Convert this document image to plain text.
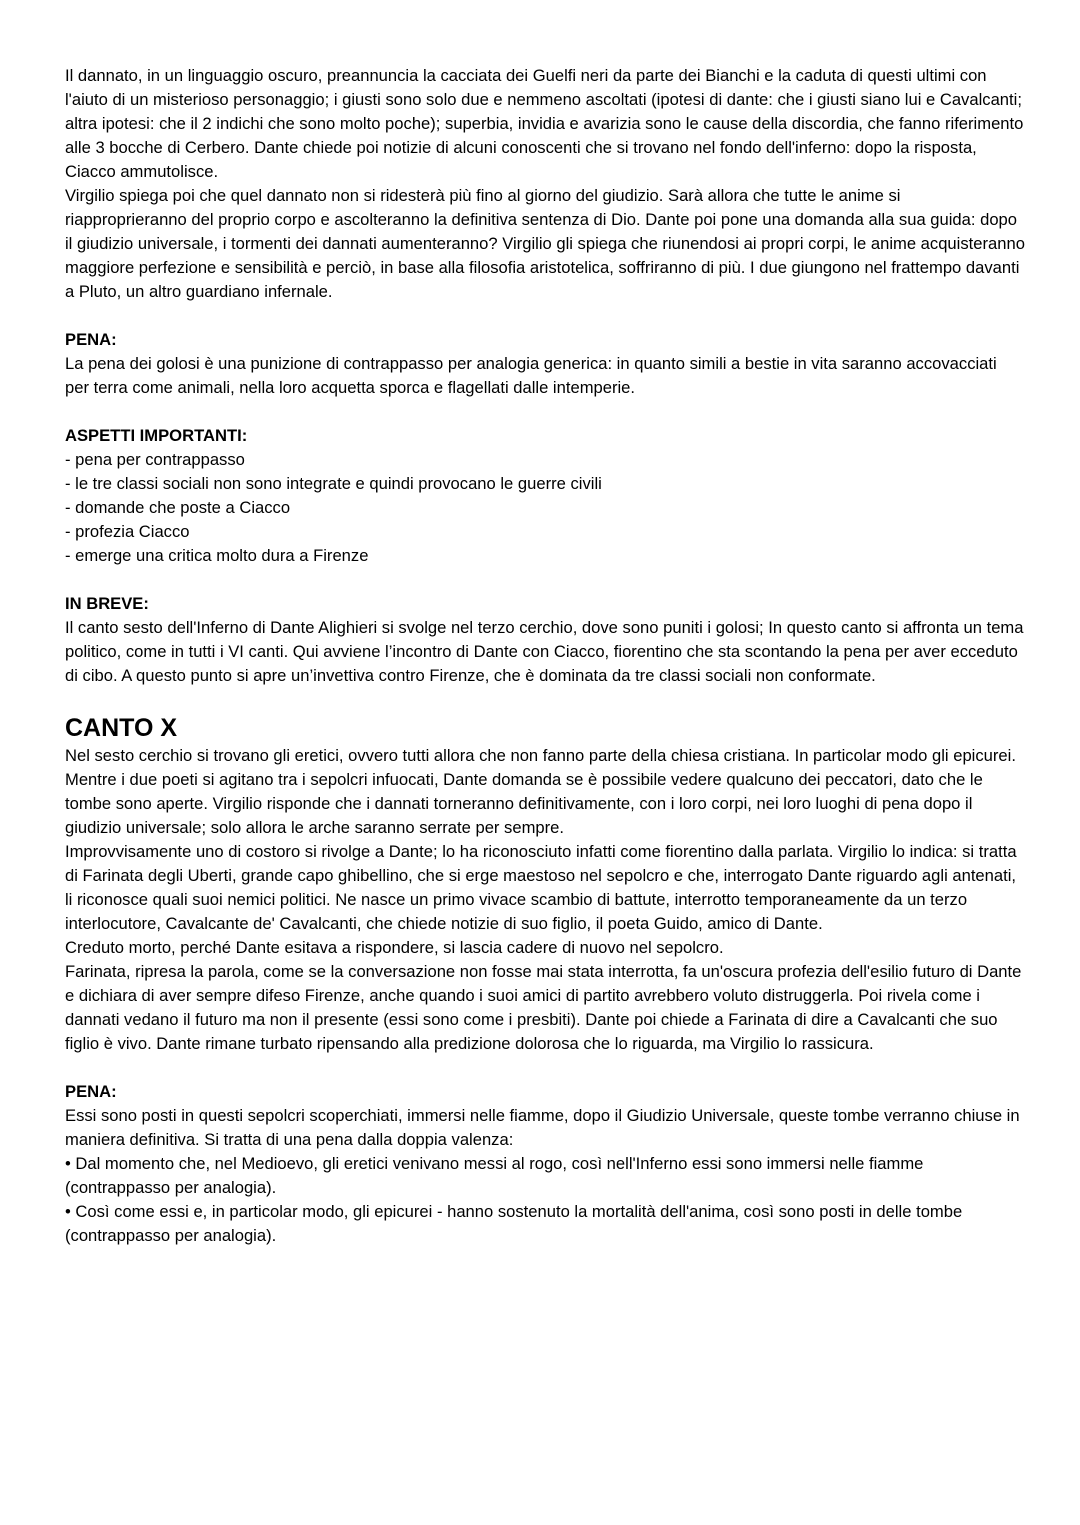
Il dannato, in un linguaggio oscuro, preannuncia la cacciata dei Guelfi neri da parte dei Bianchi e la caduta di questi ultimi con l'aiuto di un misterioso personaggio; i giusti sono solo due e nemmeno ascoltati (ipotesi di dante: che i giusti siano lui e Cavalcanti; altra ipotesi: che il 2 indichi che sono molto poche); superbia, invidia e avarizia sono le cause della discordia, che fanno riferimento alle 3 bocche di Cerbero. Dante chiede poi notizie di alcuni conoscenti che si trovano nel fondo dell'inferno: dopo la risposta, Ciacco ammutolisce.

Virgilio spiega poi che quel dannato non si ridesterà più fino al giorno del giudizio. Sarà allora che tutte le anime si riapproprieranno del proprio corpo e ascolteranno la definitiva sentenza di Dio. Dante poi pone una domanda alla sua guida: dopo il giudizio universale, i tormenti dei dannati aumenteranno? Virgilio gli spiega che riunendosi ai propri corpi, le anime acquisteranno maggiore perfezione e sensibilità e perciò, in base alla filosofia aristotelica, soffriranno di più. I due giungono nel frattempo davanti a Pluto, un altro guardiano infernale.

PENA:

La pena dei golosi è una punizione di contrappasso per analogia generica: in quanto simili a bestie in vita saranno accovacciati per terra come animali, nella loro acquetta sporca e flagellati dalle intemperie.

ASPETTI IMPORTANTI:

- pena per contrappasso
- le tre classi sociali non sono integrate e quindi provocano le guerre civili
- domande che poste a Ciacco
- profezia Ciacco
- emerge una critica molto dura a Firenze

IN BREVE:

Il canto sesto dell'Inferno di Dante Alighieri si svolge nel terzo cerchio, dove sono puniti i golosi; In questo canto si affronta un tema politico, come in tutti i VI canti. Qui avviene l’incontro di Dante con Ciacco, fiorentino che sta scontando la pena per aver ecceduto di cibo. A questo punto si apre un’invettiva contro Firenze, che è dominata da tre classi sociali non conformate.

CANTO X

Nel sesto cerchio si trovano gli eretici, ovvero tutti allora che non fanno parte della chiesa cristiana. In particolar modo gli epicurei.

Mentre i due poeti si agitano tra i sepolcri infuocati, Dante domanda se è possibile vedere qualcuno dei peccatori, dato che le tombe sono aperte. Virgilio risponde che i dannati torneranno definitivamente, con i loro corpi, nei loro luoghi di pena dopo il giudizio universale; solo allora le arche saranno serrate per sempre.

Improvvisamente uno di costoro si rivolge a Dante; lo ha riconosciuto infatti come fiorentino dalla parlata. Virgilio lo indica: si tratta di Farinata degli Uberti, grande capo ghibellino, che si erge maestoso nel sepolcro e che, interrogato Dante riguardo agli antenati, li riconosce quali suoi nemici politici. Ne nasce un primo vivace scambio di battute, interrotto temporaneamente da un terzo interlocutore, Cavalcante de' Cavalcanti, che chiede notizie di suo figlio, il poeta Guido, amico di Dante.

Creduto morto, perché Dante esitava a rispondere, si lascia cadere di nuovo nel sepolcro.

Farinata, ripresa la parola, come se la conversazione non fosse mai stata interrotta, fa un'oscura profezia dell'esilio futuro di Dante e dichiara di aver sempre difeso Firenze, anche quando i suoi amici di partito avrebbero voluto distruggerla. Poi rivela come i dannati vedano il futuro ma non il presente (essi sono come i presbiti). Dante poi chiede a Farinata di dire a Cavalcanti che suo figlio è vivo. Dante rimane turbato ripensando alla predizione dolorosa che lo riguarda, ma Virgilio lo rassicura.

PENA:

Essi sono posti in questi sepolcri scoperchiati, immersi nelle fiamme, dopo il Giudizio Universale, queste tombe verranno chiuse in maniera definitiva. Si tratta di una pena dalla doppia valenza:

• Dal momento che, nel Medioevo, gli eretici venivano messi al rogo, così nell'Inferno essi sono immersi nelle fiamme (contrappasso per analogia).

• Così come essi e, in particolar modo, gli epicurei - hanno sostenuto la mortalità dell'anima, così sono posti in delle tombe (contrappasso per analogia).
